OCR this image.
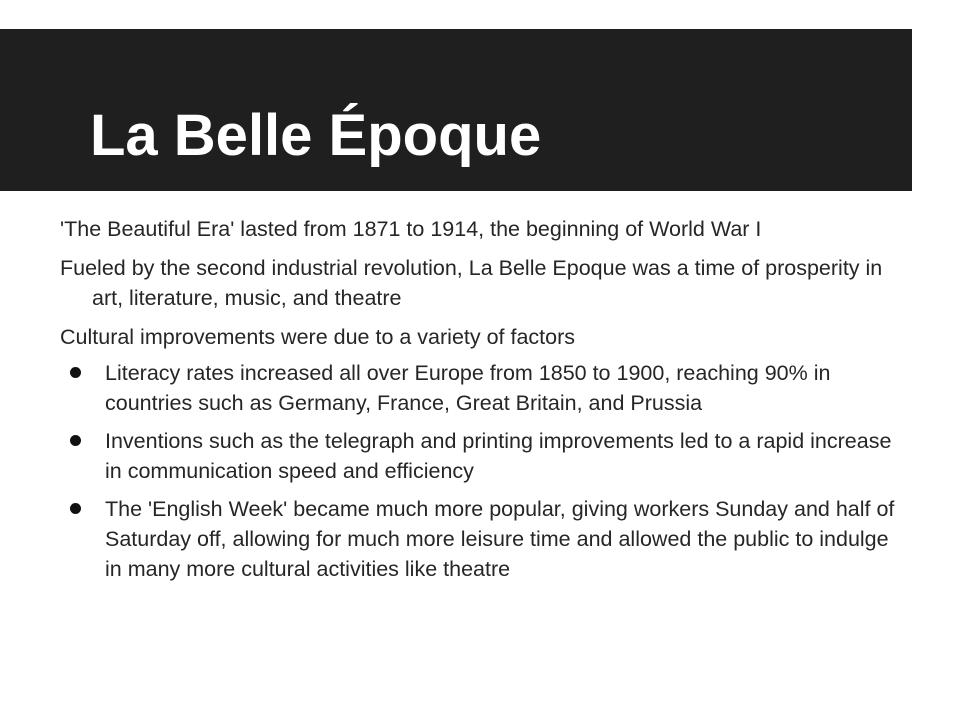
La Belle Époque

'The Beautiful Era' lasted from 1871 to 1914, the beginning of World War I

Fueled by the second industrial revolution, La Belle Epoque was a time of prosperity in art, literature, music, and theatre

Cultural improvements were due to a variety of factors

Literacy rates increased all over Europe from 1850 to 1900, reaching 90% in countries such as Germany, France, Great Britain, and Prussia
Inventions such as the telegraph and printing improvements led to a rapid increase in communication speed and efficiency
The 'English Week' became much more popular, giving workers Sunday and half of Saturday off, allowing for much more leisure time and allowed the public to indulge in many more cultural activities like theatre
